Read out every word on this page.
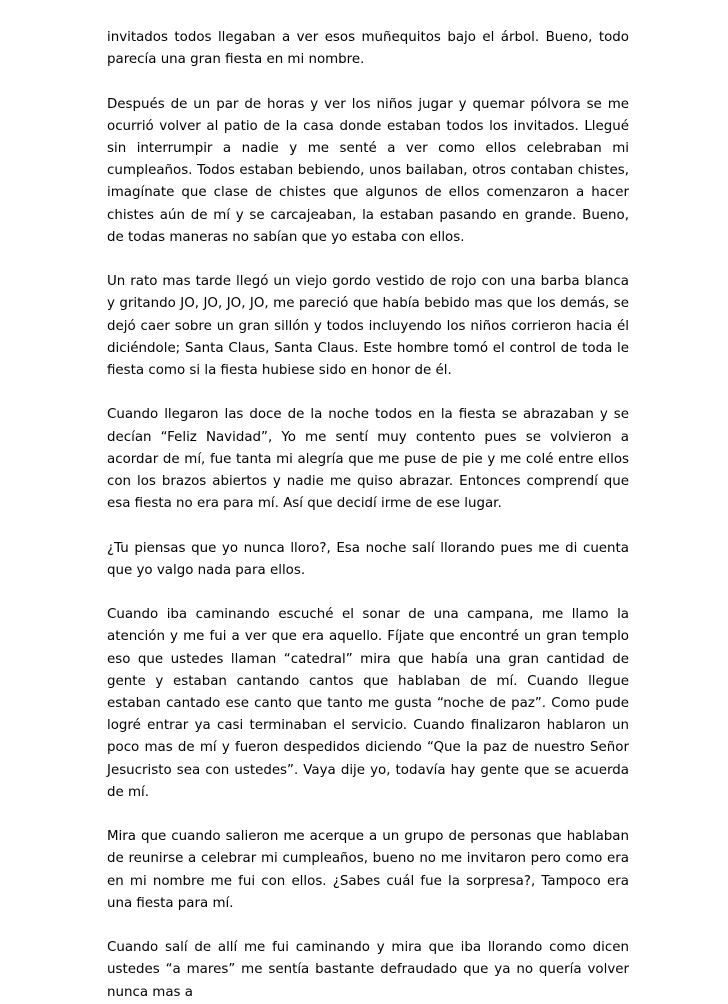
invitados todos llegaban a ver esos muñequitos bajo el árbol. Bueno, todo parecía una gran fiesta en mi nombre.

Después de un par de horas y ver los niños jugar y quemar pólvora se me ocurrió volver al patio de la casa donde estaban todos los invitados. Llegué sin interrumpir a nadie y me senté a ver como ellos celebraban mi cumpleaños. Todos estaban bebiendo, unos bailaban, otros contaban chistes, imagínate que clase de chistes que algunos de ellos comenzaron a hacer chistes aún de mí y se carcajeaban, la estaban pasando en grande. Bueno, de todas maneras no sabían que yo estaba con ellos.

Un rato mas tarde llegó un viejo gordo vestido de rojo con una barba blanca y gritando JO, JO, JO, JO, me pareció que había bebido mas que los demás, se dejó caer sobre un gran sillón y todos incluyendo los niños corrieron hacia él diciéndole; Santa Claus, Santa Claus. Este hombre tomó el control de toda le fiesta como si la fiesta hubiese sido en honor de él.

Cuando llegaron las doce de la noche todos en la fiesta se abrazaban y se decían “Feliz Navidad”, Yo me sentí muy contento pues se volvieron a acordar de mí, fue tanta mi alegría que me puse de pie y me colé entre ellos con los brazos abiertos y nadie me quiso abrazar. Entonces comprendí que esa fiesta no era para mí. Así que decidí irme de ese lugar.

¿Tu piensas que yo nunca lloro?, Esa noche salí llorando pues me di cuenta que yo valgo nada para ellos.

Cuando iba caminando escuché el sonar de una campana, me llamo la atención y me fui a ver que era aquello. Fíjate que encontré un gran templo eso que ustedes llaman “catedral” mira que había una gran cantidad de gente y estaban cantando cantos que hablaban de mí. Cuando llegue estaban cantado ese canto que tanto me gusta “noche de paz”. Como pude logré entrar ya casi terminaban el servicio. Cuando finalizaron hablaron un poco mas de mí y fueron despedidos diciendo “Que la paz de nuestro Señor Jesucristo sea con ustedes”. Vaya dije yo, todavía hay gente que se acuerda de mí.

Mira que cuando salieron me acerque a un grupo de personas que hablaban de reunirse a celebrar mi cumpleaños, bueno no me invitaron pero como era en mi nombre me fui con ellos. ¿Sabes cuál fue la sorpresa?, Tampoco era una fiesta para mí.

Cuando salí de allí me fui caminando y mira que iba llorando como dicen ustedes “a mares” me sentía bastante defraudado que ya no quería volver nunca mas a
